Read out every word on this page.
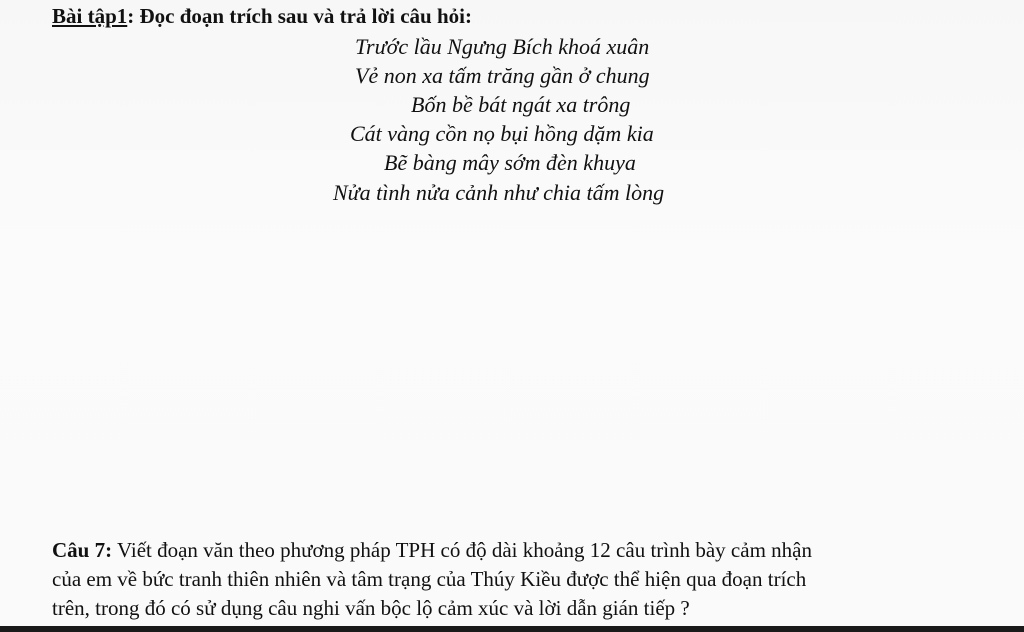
Bài tập1: Đọc đoạn trích sau và trả lời câu hỏi:
Trước lầu Ngưng Bích khoá xuân
Vẻ non xa tấm trăng gần ở chung
Bốn bề bát ngát xa trông
Cát vàng cồn nọ bụi hồng dặm kia
Bẽ bàng mây sớm đèn khuya
Nửa tình nửa cảnh như chia tấm lòng
Câu 7: Viết đoạn văn theo phương pháp TPH có độ dài khoảng 12 câu trình bày cảm nhận
của em về bức tranh thiên nhiên và tâm trạng của Thúy Kiều được thể hiện qua đoạn trích
trên, trong đó có sử dụng câu nghi vấn bộc lộ cảm xúc và lời dẫn gián tiếp ?
